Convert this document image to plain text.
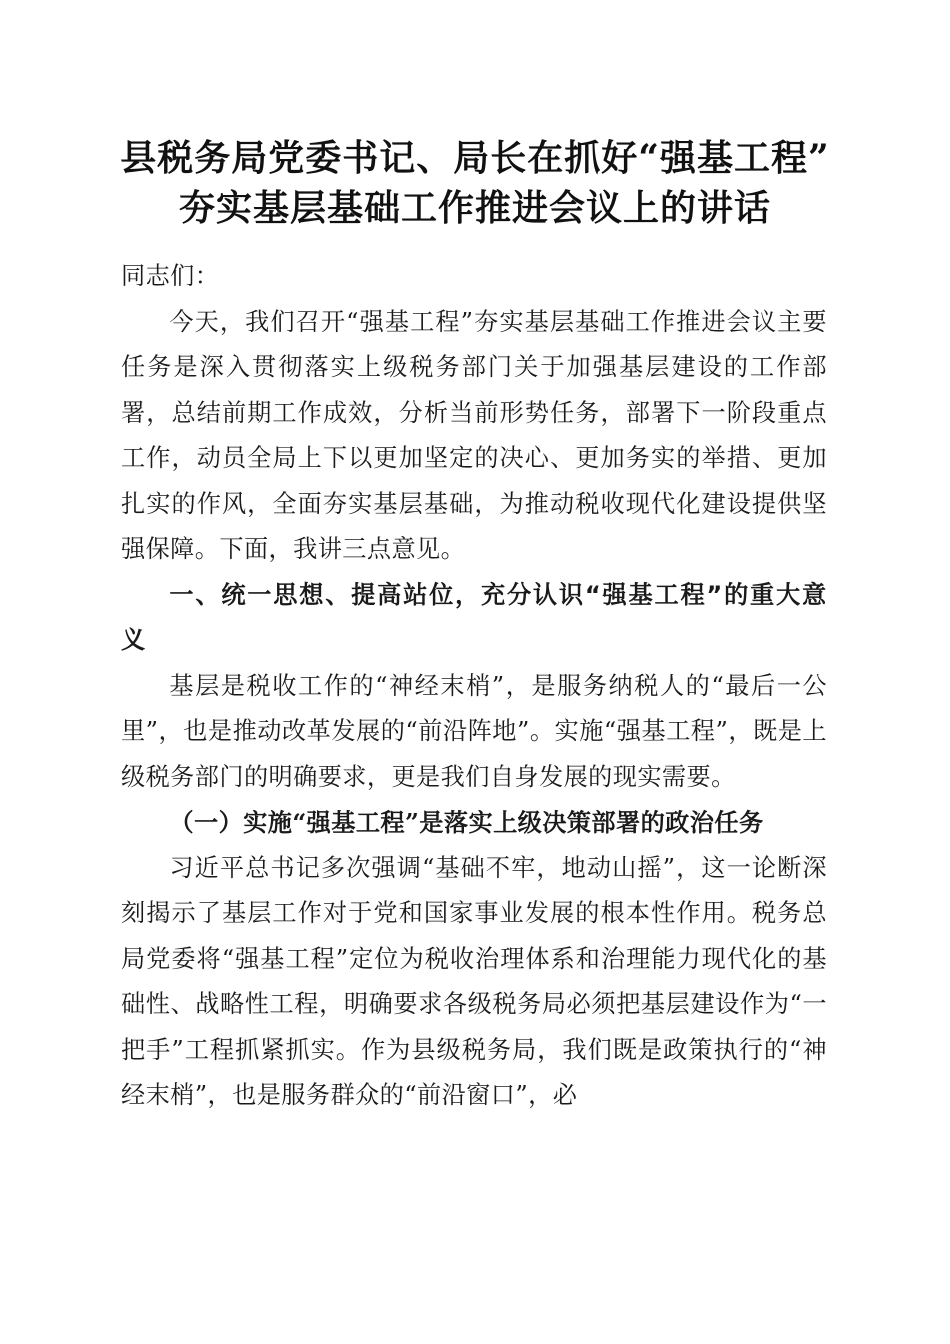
县税务局党委书记、局长在抓好“强基工程”
夯实基层基础工作推进会议上的讲话

同志们：

今天，我们召开“强基工程”夯实基层基础工作推进会议主要任务是深入贯彻落实上级税务部门关于加强基层建设的工作部署，总结前期工作成效，分析当前形势任务，部署下一阶段重点工作，动员全局上下以更加坚定的决心、更加务实的举措、更加扎实的作风，全面夯实基层基础，为推动税收现代化建设提供坚强保障。下面，我讲三点意见。

一、统一思想、提高站位，充分认识“强基工程”的重大意义

基层是税收工作的“神经末梢”，是服务纳税人的“最后一公里”，也是推动改革发展的“前沿阵地”。实施“强基工程”，既是上级税务部门的明确要求，更是我们自身发展的现实需要。

（一）实施“强基工程”是落实上级决策部署的政治任务

习近平总书记多次强调“基础不牢，地动山摇”，这一论断深刻揭示了基层工作对于党和国家事业发展的根本性作用。税务总局党委将“强基工程”定位为税收治理体系和治理能力现代化的基础性、战略性工程，明确要求各级税务局必须把基层建设作为“一把手”工程抓紧抓实。作为县级税务局，我们既是政策执行的“神经末梢”，也是服务群众的“前沿窗口”，必
